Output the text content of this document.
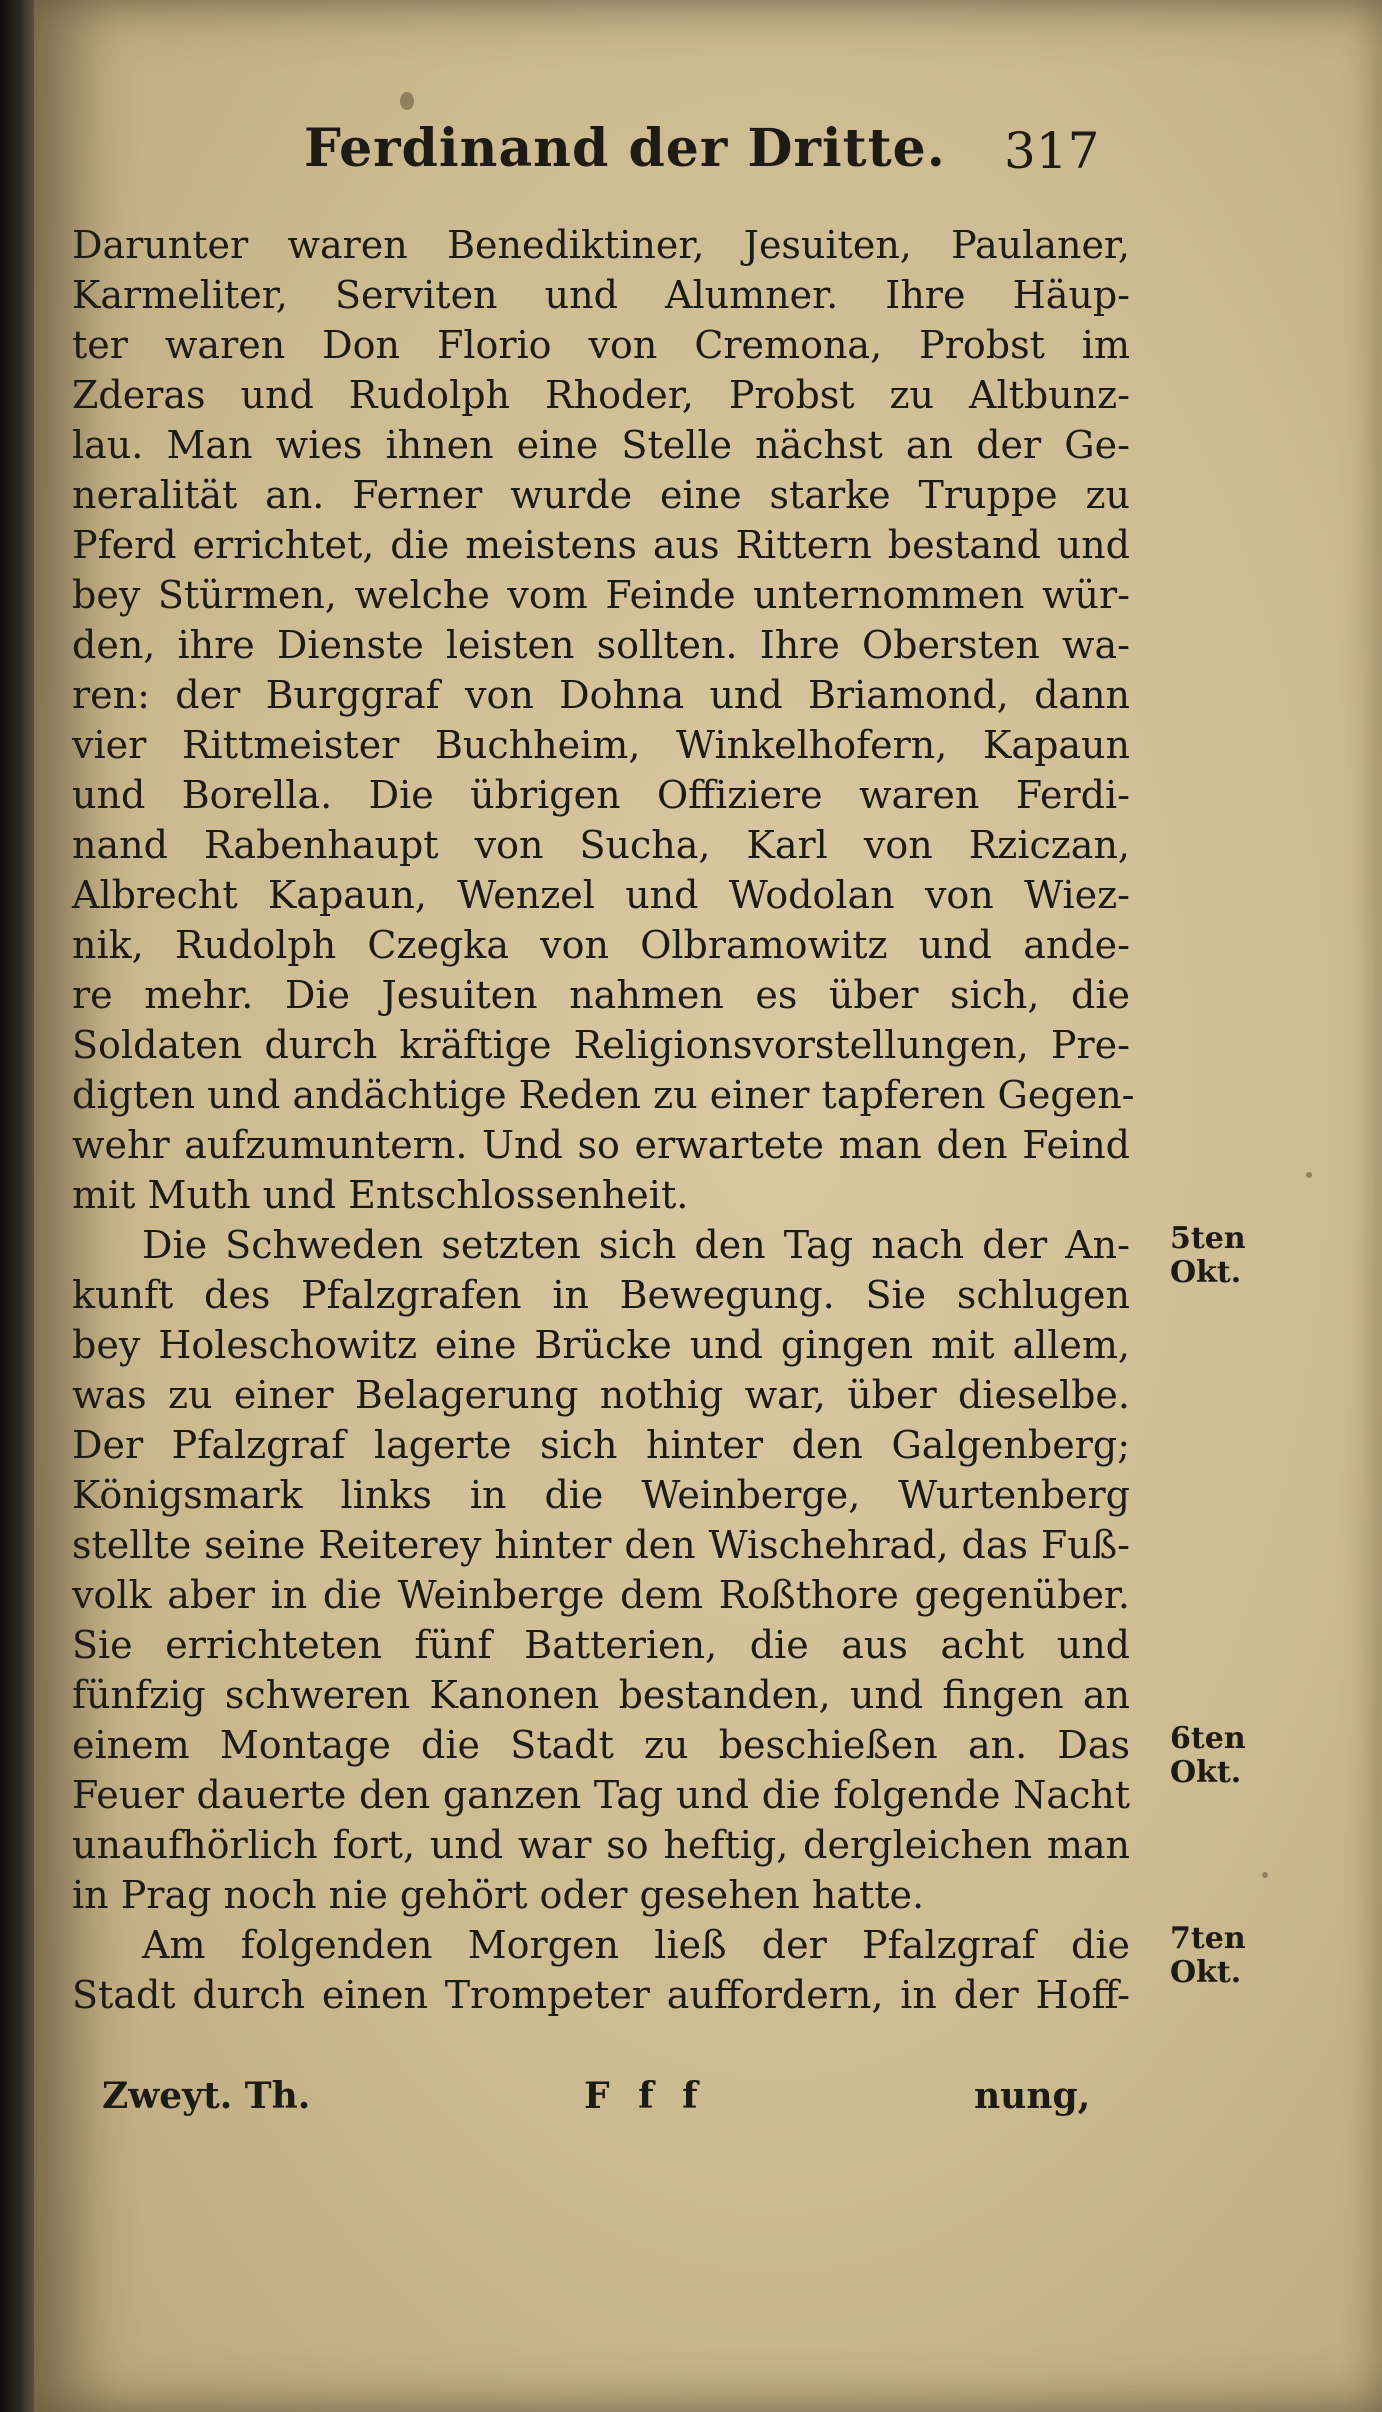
Ferdinand der Dritte. 317
Darunter waren Benediktiner, Jesuiten, Paulaner,
Karmeliter, Serviten und Alumner. Ihre Häup-
ter waren Don Florio von Cremona, Probst im
Zderas und Rudolph Rhoder, Probst zu Altbunz-
lau. Man wies ihnen eine Stelle nächst an der Ge-
neralität an. Ferner wurde eine starke Truppe zu
Pferd errichtet, die meistens aus Rittern bestand und
bey Stürmen, welche vom Feinde unternommen wür-
den, ihre Dienste leisten sollten. Ihre Obersten wa-
ren: der Burggraf von Dohna und Briamond, dann
vier Rittmeister Buchheim, Winkelhofern, Kapaun
und Borella. Die übrigen Offiziere waren Ferdi-
nand Rabenhaupt von Sucha, Karl von Rziczan,
Albrecht Kapaun, Wenzel und Wodolan von Wiez-
nik, Rudolph Czegka von Olbramowitz und ande-
re mehr. Die Jesuiten nahmen es über sich, die
Soldaten durch kräftige Religionsvorstellungen, Pre-
digten und andächtige Reden zu einer tapferen Gegen-
wehr aufzumuntern. Und so erwartete man den Feind
mit Muth und Entschlossenheit.
Die Schweden setzten sich den Tag nach der An-
kunft des Pfalzgrafen in Bewegung. Sie schlugen
bey Holeschowitz eine Brücke und gingen mit allem,
was zu einer Belagerung nothig war, über dieselbe.
Der Pfalzgraf lagerte sich hinter den Galgenberg;
Königsmark links in die Weinberge, Wurtenberg
stellte seine Reiterey hinter den Wischehrad, das Fuß-
volk aber in die Weinberge dem Roßthore gegenüber.
Sie errichteten fünf Batterien, die aus acht und
fünfzig schweren Kanonen bestanden, und fingen an
einem Montage die Stadt zu beschießen an. Das
Feuer dauerte den ganzen Tag und die folgende Nacht
unaufhörlich fort, und war so heftig, dergleichen man
in Prag noch nie gehört oder gesehen hatte.
Am folgenden Morgen ließ der Pfalzgraf die
Stadt durch einen Trompeter auffordern, in der Hoff-
5ten
Okt.
6ten
Okt.
7ten
Okt.
Zweyt. Th.	F f f	nung,
